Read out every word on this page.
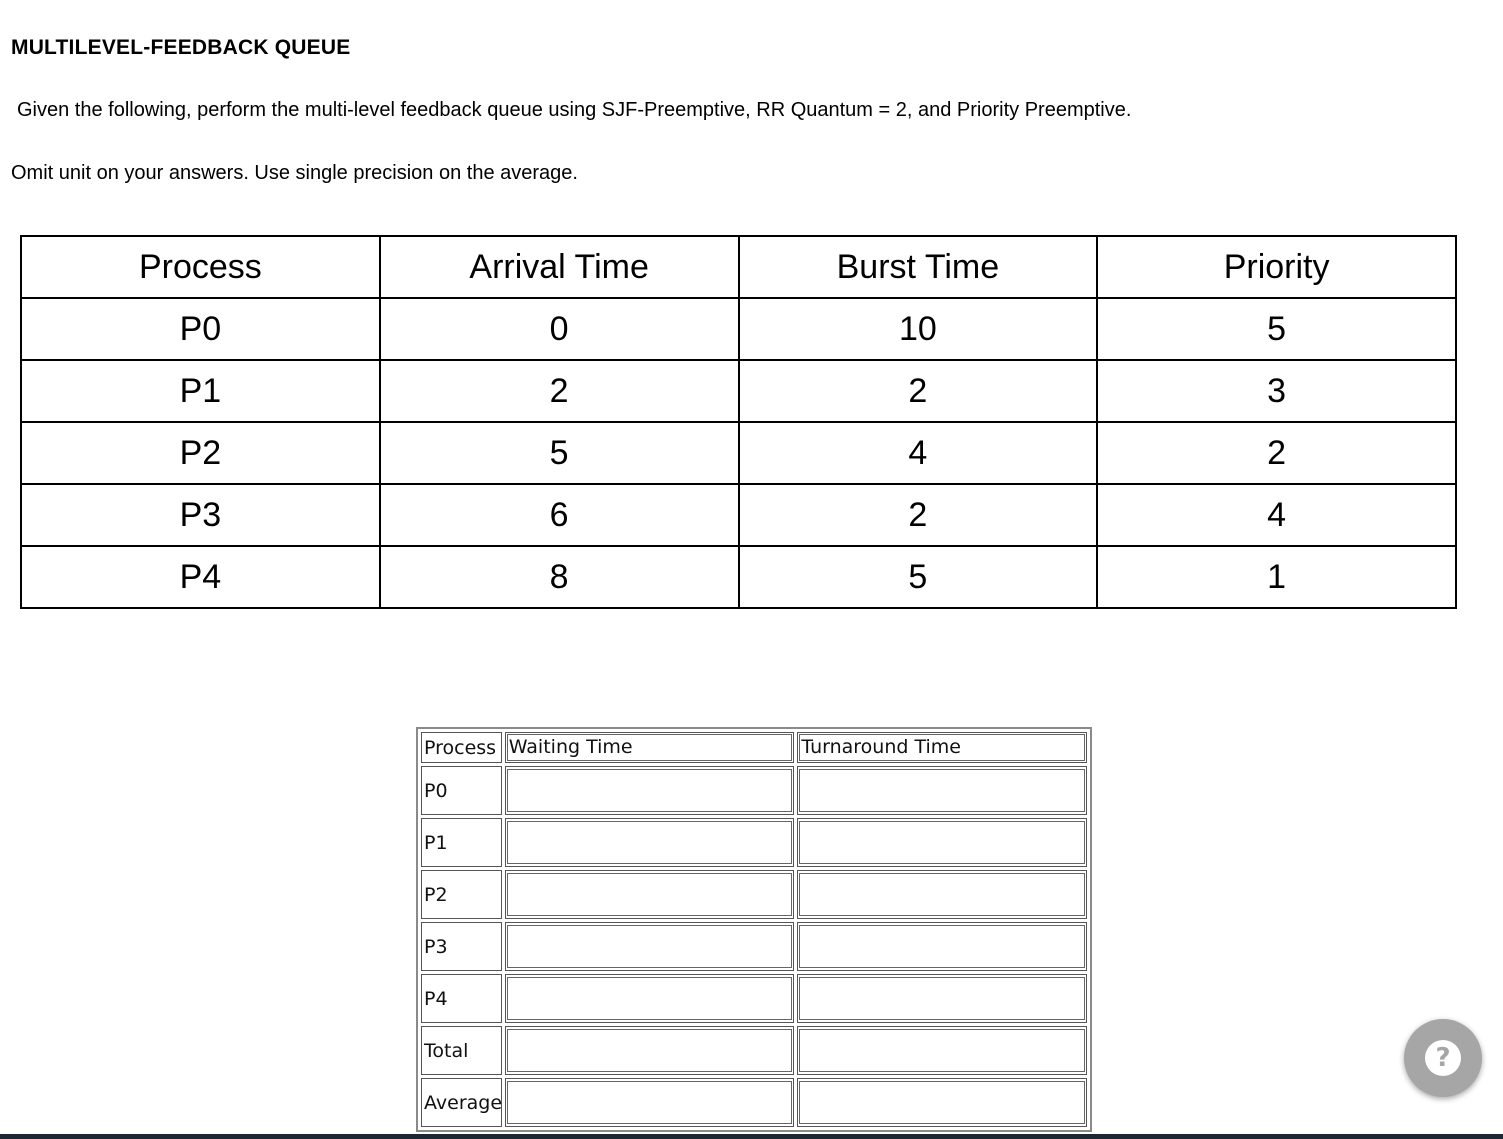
MULTILEVEL-FEEDBACK QUEUE
Given the following, perform the multi-level feedback queue using SJF-Preemptive, RR Quantum = 2, and Priority Preemptive.
Omit unit on your answers. Use single precision on the average.
Process	Arrival Time	Burst Time	Priority
P0	0	10	5
P1	2	2	3
P2	5	4	2
P3	6	2	4
P4	8	5	1
Process	Waiting Time	Turnaround Time

P0	

P1	

P2	

P3	

P4	

Total	

Average	

?
